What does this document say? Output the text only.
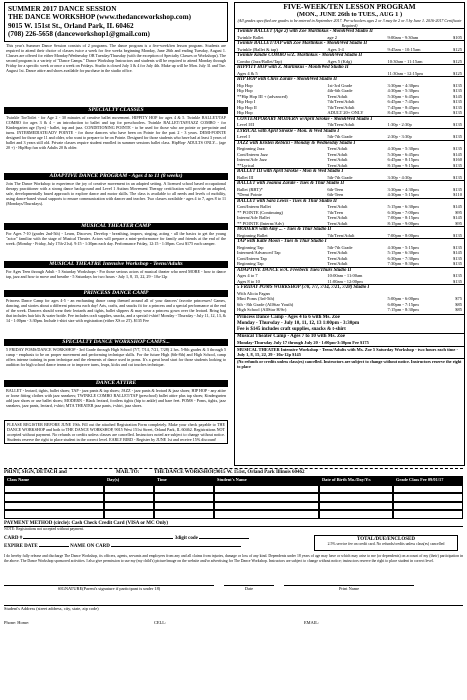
SUMMER 2017 DANCE SESSION
THE DANCE WORKSHOP (www.thedanceworkshop.com)
9015 W. 151st St., Orland Park, IL 60462
(708) 226-5658 (danceworkshop1@gmail.com)
This year's Summer Dance Session consists of 2 programs. The dance program is a five-week/ten lesson program. Students are required to attend their choice of classes twice a week for five weeks beginning Monday, June 26th and ending Tuesday, August 1. Classes are offered for either Monday/Wednesday OR Tuesday/Thursday (with the exception of Specialty Classes or Workshops). The second program is a variety of "Dance Camps." Dance Workshop Instructors and students will be required to attend Monday through Friday for a specific week or once a week on Fridays. Studio is closed July 3 & 4 for July 4th. Make up will be Mon. July 31 and Tue. August 1st. Dance attire and shoes available for purchase in the studio office.
SPECIALTY CLASSES
Twinkle ToeTotlet - for Age 2 - 30 minutes of creative ballet movement. HIPPITY HOP for ages 4 & 5. Twinkle BALLET/TAP COMBO for ages 3 & 4 - an introduction to ballet and tap for preschoolers. Twinkle BALLET/TAP/JAZZ COMBO - for Kindergarten age (5yrs) - ballet, tap and jazz. CONDITIONING POINTE - to be used for those who are pointe or pre-pointe and turns. INTERMEDIATE/ADV POINTE - for those dancers who have been on Pointe for the past 2 - 3 years. DEMI-POINTE designed for those age 11 and older, who want to prepare to be on Pointe. Designed for those students who have had at least 3 years of ballet and 3 years still old. Private classes require student enrolled in summer sessions ballet class. HipHop- ADULTS ONLY... (age 20 +) - HipHop fun with Adults 20 & older.
ADAPTIVE DANCE PROGRAM - Ages 4 to 11 (8 weeks)
Join The Dance Workshop to experience the joy of creative movement in an adapted setting. A licensed school based occupational therapy practitioner with a strong dance background and Level 1 Autism Movement Therapy certification will provide an adapted, safe, developmentally based approach to explore dance and motor skills. The class is available to all needs and levels of mobility, using dance-based visual supports to ensure communication with dancer and teacher. Two classes available - ages 4 to 7, ages 8 to 11 (Mondays/Thursdays).
MUSICAL THEATER CAMP
For Ages 7-10 (grades 2nd-5th) - Learn, Discover, Develop - breathing, improv, singing, acting - all the basics to get the young "actor" familiar with the stage of Musical Theater. Actors will prepare a mini-performance for family and friends at the end of the week. (Monday - Friday, July 17th-21st). 9:15 - 1:30pm each day. Performance Friday, 12:15 - 1:30pm. Cost $175 each camper.
MUSICAL THEATRE Intensive Workshop - Teens/Adults
For Ages Teen through Adult - 5 Saturday Workshops - For those serious actors of musical theater who need MORE - how to dance tap, jazz and how to move and breathe - 5 Saturdays for two hours - July 1, 8, 15, 22, 29 - 10a-12p
PRINCESS DANCE CAMP
Princess Dance Camp for ages 4-5 - an enchanting dance camp themed around all of your dancers' favorite princesses! Games, dancing, and stories about a different princess each day! Arts, crafts, and snacks fit for a princess and a special performance at the end of the week. Dancers should wear their leotards and tights, ballet slippers & may wear a princess gown over the leotard. Bring bag that includes hair kits & water bottle. Fee includes craft supplies, snacks, and a special t-shirt! Monday - Thursday - July 11, 12, 13, & 14 - 1:00pm - 3:30pm. Include t-shirt size with registration (either XS or 2T). $135 Fee
SPECIALTY DANCE WORKSHOP CAMPS...
5 FRIDAY POMS/DANCE WORKSHOP - 3rd Grade through High School (7/7, 7/14, 7/21, 7/28) 2 hrs. 5-8th grades & 3 through 5 camp - emphasis to be on proper movement and performing technique skills. For the future High (6th-8th) and High School, camp offers intense training in pom technique and the elements of dance used in poms. It's a great head start for those students looking to audition for high school dance teams or to improve turns, leaps, kicks and cut touches technique.
DANCE ATTIRE
BALLET - leotard, tights, ballet shoes; TAP - jazz pants & tap shoes; JAZZ - jazz pants & leotard & jazz shoes; HIP HOP - any attire or loose fitting clothes with jazz sneakers; TWINKLE COMBO BALLET/TAP (preschool) ballet attire plus tap shoes; Kindergarten add jazz shoes or use ballet shoes; MODERN - Black leotard, footless tights (hip to ankle) and bare feet. POMS - Poms, tights, jazz sneakers, jazz pants, leotard, t-shirt; MTA THEATER jazz pants, t-shirt, jazz shoes.
PLEASE REGISTER BEFORE JUNE 19th. Fill out the attached Registration Form completely. Make your check payable to THE DANCE WORKSHOP and both to THE DANCE WORKSHOP, 9015 West 151st Street, Orland Park, IL 60462. Registrations NOT accepted without payment. No refunds or credits unless classes are cancelled. Instructors noted are subject to change without notice. Students reserve the right to place student in the correct level. EARLY BIRD - Register by JUNE 1st and receive 15% discount!
FIVE-WEEK/TEN LESSON PROGRAM
(MON., JUNE 26th to TUES., AUG 1 )
(All grades specified are grades to be entered in September 2017. Pre-schoolers ages 2 or 3 may be 2 or 3 by June 1. 2016-2017 Certificate Required)
Twinkle BALLET (Age 2) with Zoe Martinkus - Mon&Wed Studio II			
Twinkle Ballet	age 2	9:00am - 9:30am	$105
Twinkle BALLET/TAP with Zoe Martinkus - Mon&Wed Studio II			
Twinkle (Ballet & tap)	Ages 3-4	9:45am - 10:15am	$125
Twinkle Kindie COMBO w/Z. Martinkus - Mon&Wed Studio II			
Combo (Jazz/Ballet/Tap)	Ages 5 (Kdg)	10:30am - 11:15am	$125
HIPPITY HOP with Z. Martinkus - Mon&Wed Studio II			
Ages 4 & 5		11:30am - 12:15pm	$125
HIP HOP with Chris Zarate - Mon&Wed Studio II			
Hip Hop	1st-3rd Grade	3:30pm - 4:30pm	$135
Hip Hop	4th-6th Grade	4:30pm - 5:30pm	$135
**Hip Hop III + (advanced)	Teen/Adult	5:30pm - 6:45pm	$145
Hip Hop I	7th/Teen/Adult	6:45pm - 7:45pm	$135
Hip Hop II	7th/Teen/Adult	7:45pm - 8:45pm	$135
Hip Hop	ADULT 20+ ONLY	8:45pm - 9:45pm	$135
CONTEMPORARY MODERN w/April Sirokie - Mon&Wed Studio I			
Level I/II	7th/Teen/Adult	1:30p - 2:30p	$135
LYRICAL with April Sirokie - Mon. & Wed Studio I			
Level I	5th-7th Grade	2:30p - 3:30p	$135
JAZZ with Kristen Rebicki - Monday & Wednesday Studio I			
Beginning Jazz	Teen/Adult	4:30pm - 5:30pm	$135
Cont/Interm Jazz	Teen/Adult	5:30pm - 6:45pm	$145
Interm/Adv Jazz	Teen/Adult	6:45pm - 8:15pm	$160
**Lyrical	Teen/Adult	8:15pm - 9:15pm	$135
BALLET III with April Sirokie - Mon & Wed Studio I			
Ballet III	5th-7th Grade	3:30p - 4:30p	$135
BALLET with Joanna Zarate - Tues & Thur Studio II			
Ballet (RBT)*	6th-Teen	3:30pm - 4:30pm	$135
*Demi Pointe	6th-Teen	4:30pm - 5:15pm	$110
BALLET with Sara Lewis - Tues & Thur Studio II			
Cont/Interm Ballet	Teen/Adult	5:15pm - 6:30pm	$145
** POINTE (Continuing)	7th/Teen	6:30pm - 7:00pm	$95
Interm/Adv Ballet	Teen/Adult	7:00pm - 8:15pm	$145
** POINTE (Interm/Adv)	Teen/Adult	8:15pm - 9:00pm	$95
MODERN with Amy ... - Tues & Thur Studio II			
Beginning Ballet	7th/Teen/Adult	7:00pm - 8:00pm	$135
TAP with Katie Moon - Tues & Thur Studio I			
Beginning Tap	5th-7th Grade	4:30pm - 5:15pm	$135
Intermed/Advanced Tap	Teen/Adult	5:15pm - 6:30pm	$145
Cont/Interm Tap	Teen/Adult	6:30pm - 7:30pm	$135
Beginning Tap	Teen/Adult	7:30pm - 8:30pm	$135
ADAPTIVE DANCE w/A. Freebeck Tues/Thurs Studio II			
Ages 4 to 7	10:00am - 11:00am		$135
Ages 8 to 10	11:00am - 12:00pm		$135
5 FRIDAY POMS WORKSHOP (7/8, 7/7, 7/14, 7/21, 7/28) Studio I			
With Alicia Fagan			
Mini Poms (3rd-5th)		5:00pm - 6:00pm	$75
6th - 8th Grade (AllStar Youth)		6:00pm - 7:15pm	$85
High School (AllStar H/Sr)		7:15pm - 8:30pm	$85
Princess Dance Camp - Ages 4 to 6 with Ms. Zoe
Monday - Thursday - July 10, 11, 12, 13 1:00pm - 3:30pm
Fee is $145 includes craft supplies, snacks & t-shirt
Musical Theater Camp - Ages 7 to 10 with Ms. Zoe
Monday-Thursday July 17 through July 20 - 1:00pm-3:30pm Fee $175
MUSICAL THEATER Intensive Workshop - Teens/Adults with Ms. Zoe 5 Saturday Workshop - two hours each time - July 1, 8, 15, 22, 29 - 10a-12p $145
(No refunds or credits unless class(es) cancelled. Instructors are subject to change without notice. Instructors reserve the right to place
PRINT, SIGN, DETACH and	MAIL TO:	THE DANCE WORKSHOP,9015 W. 151st, Orland Park Illinois 60462
Class Name	Day(s)	Time	Student's Name	Date of Birth Mo./Day/Yr.	Grade Class Fee 09/01/17
PAYMENT METHOD (circle): Cash Check Credit Card (VISA or MC Only)
NOTE: Registrations not accepted without payment.
CARD #	3digit code
EXPIRE DATE	NAME ON CARD
TOTAL/DUE/ENCLOSED
2.5% service fee on credit card. No refunds/credits unless class(es) cancelled
I do hereby fully release and discharge The Dance Workshop, its officers, agents, servants and employees from any and all claims from injuries, damage or loss of any kind. Dependents under 18 years of age may have or which may arise to me (or dependents) on account of my (their) participation in the above. The Dance Workshop sponsored activities. I also give permission to use my (my child's) picture/image on the website and/or advertising for The Dance Workshop. Instructors are subject to change without notice; instructors reserve the right to place student in correct level.
SIGNATURE(Parent's signature if participant is under 18)	Date	Print Name
Student's Address (street address, city, state, zip code)
Phone: Home:	CELL:	EMAIL:
